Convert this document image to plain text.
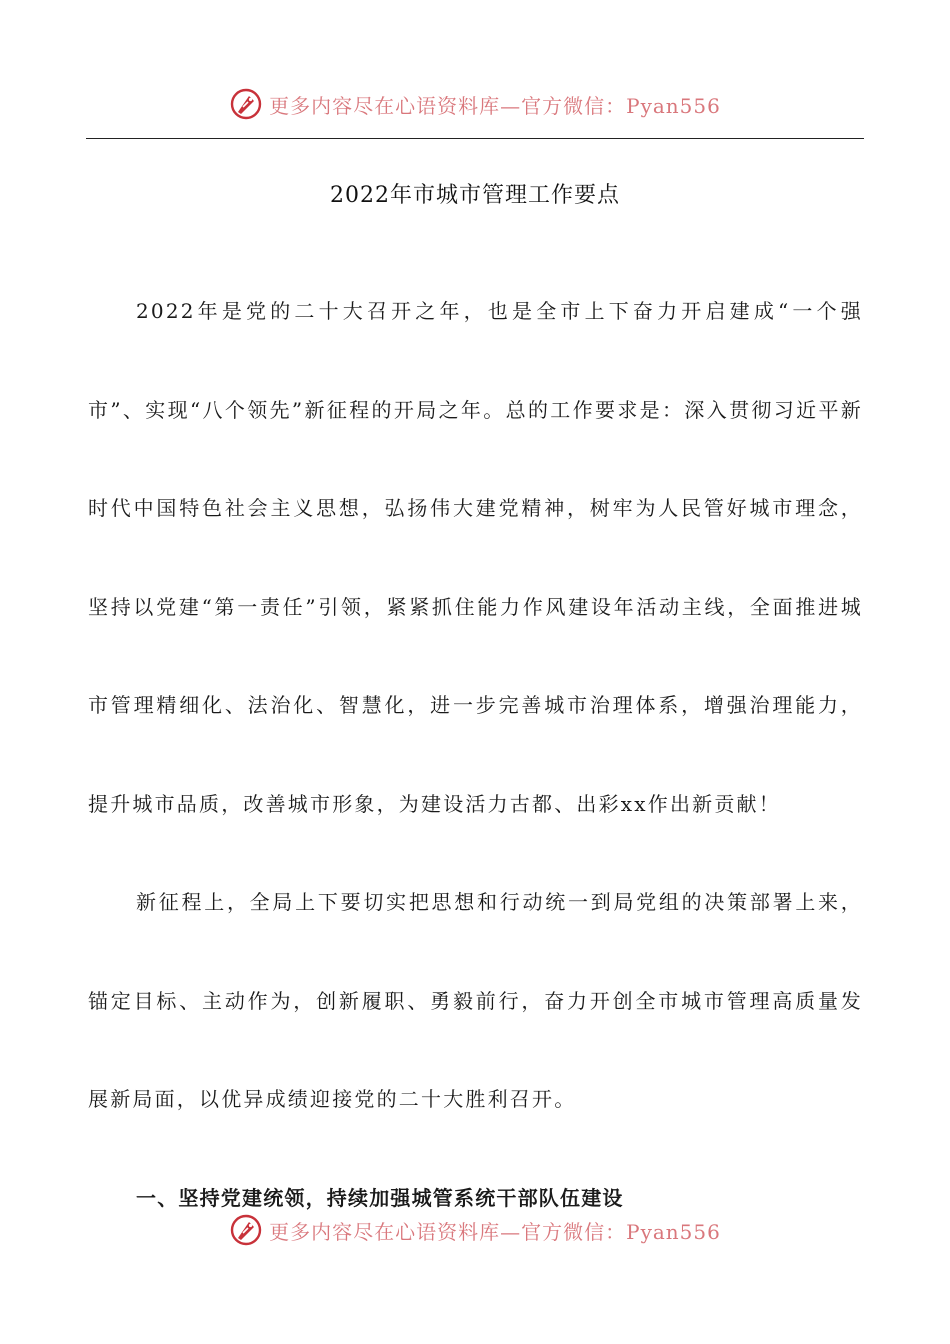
更多内容尽在心语资料库—官方微信：Pyan556
2022年市城市管理工作要点

2022年是党的二十大召开之年，也是全市上下奋力开启建成“一个强市”、实现“八个领先”新征程的开局之年。总的工作要求是：深入贯彻习近平新时代中国特色社会主义思想，弘扬伟大建党精神，树牢为人民管好城市理念，坚持以党建“第一责任”引领，紧紧抓住能力作风建设年活动主线，全面推进城市管理精细化、法治化、智慧化，进一步完善城市治理体系，增强治理能力，提升城市品质，改善城市形象，为建设活力古都、出彩xx作出新贡献！

新征程上，全局上下要切实把思想和行动统一到局党组的决策部署上来，锚定目标、主动作为，创新履职、勇毅前行，奋力开创全市城市管理高质量发展新局面，以优异成绩迎接党的二十大胜利召开。

一、坚持党建统领，持续加强城管系统干部队伍建设

更多内容尽在心语资料库—官方微信：Pyan556
